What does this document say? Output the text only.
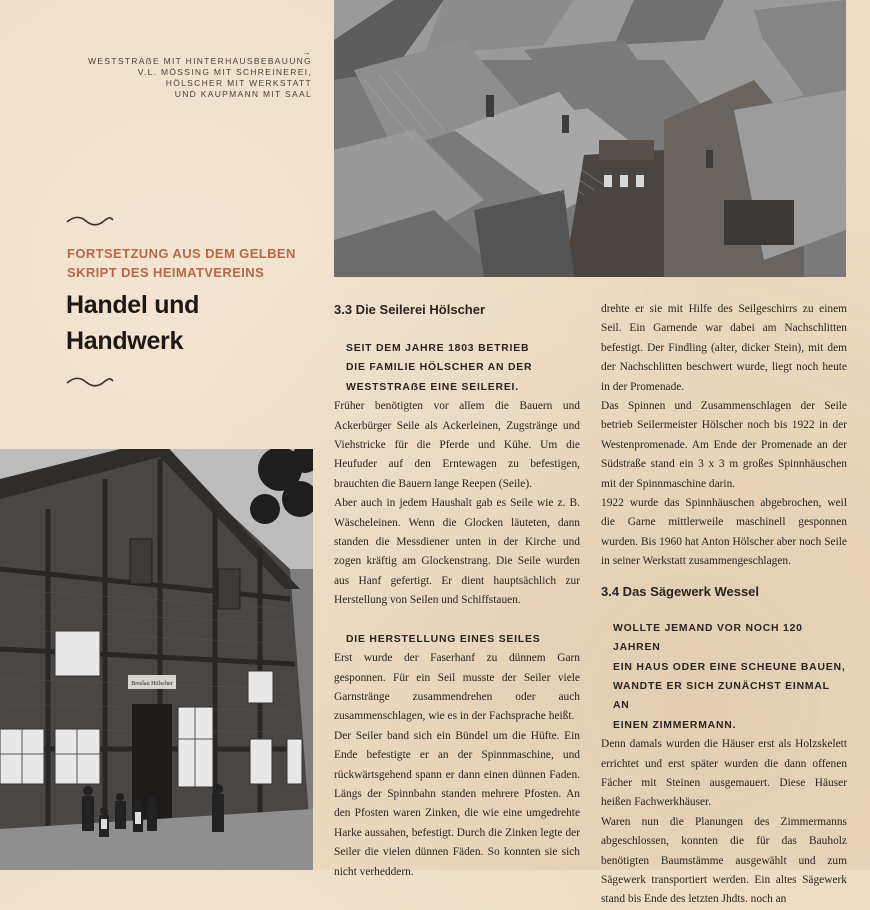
→
WESTSTRAẞE MIT HINTERHAUSBEBAUUNG
V.L. MÖSSING MIT SCHREINEREI,
HÖLSCHER MIT WERKSTATT
UND KAUPMANN MIT SAAL
FORTSETZUNG AUS DEM GELBEN
SKRIPT DES HEIMATVEREINS
Handel und
Handwerk
Breslau Hölscher
3.3 Die Seilerei Hölscher
SEIT DEM JAHRE 1803 BETRIEB
DIE FAMILIE HÖLSCHER AN DER
WESTSTRAẞE EINE SEILEREI.

Früher benötigten vor allem die Bauern und Ackerbürger Seile als Ackerleinen, Zugstränge und Viehstricke für die Pferde und Kühe. Um die Heufuder auf den Erntewagen zu befestigen, brauchten die Bauern lange Reepen (Seile).

Aber auch in jedem Haushalt gab es Seile wie z. B. Wäscheleinen. Wenn die Glocken läuteten, dann standen die Messdiener unten in der Kirche und zogen kräftig am Glockenstrang. Die Seile wurden aus Hanf gefertigt. Er dient hauptsächlich zur Herstellung von Seilen und Schiffstauen.

DIE HERSTELLUNG EINES SEILES

Erst wurde der Faserhanf zu dünnem Garn gesponnen. Für ein Seil musste der Seiler viele Garnstränge zusammendrehen oder auch zusammenschlagen, wie es in der Fachsprache heißt.

Der Seiler band sich ein Bündel um die Hüfte. Ein Ende befestigte er an der Spinnmaschine, und rückwärtsgehend spann er dann einen dünnen Faden. Längs der Spinnbahn standen mehrere Pfosten. An den Pfosten waren Zinken, die wie eine umgedrehte Harke aussahen, befestigt. Durch die Zinken legte der Seiler die vielen dünnen Fäden. So konnten sie sich nicht verheddern.

drehte er sie mit Hilfe des Seilgeschirrs zu einem Seil. Ein Garnende war dabei am Nachschlitten befestigt. Der Findling (alter, dicker Stein), mit dem der Nachschlitten beschwert wurde, liegt noch heute in der Promenade.

Das Spinnen und Zusammenschlagen der Seile betrieb Seilermeister Hölscher noch bis 1922 in der Westenpromenade. Am Ende der Promenade an der Südstraße stand ein 3 x 3 m großes Spinnhäuschen mit der Spinnmaschine darin.

1922 wurde das Spinnhäuschen abgebrochen, weil die Garne mittlerweile maschinell gesponnen wurden. Bis 1960 hat Anton Hölscher aber noch Seile in seiner Werkstatt zusammengeschlagen.

3.4 Das Sägewerk Wessel
WOLLTE JEMAND VOR NOCH 120 JAHREN
EIN HAUS ODER EINE SCHEUNE BAUEN,
WANDTE ER SICH ZUNÄCHST EINMAL AN
EINEN ZIMMERMANN.

Denn damals wurden die Häuser erst als Holzskelett errichtet und erst später wurden die dann offenen Fächer mit Steinen ausgemauert. Diese Häuser heißen Fachwerkhäuser.

Waren nun die Planungen des Zimmermanns abgeschlossen, konnten die für das Bauholz benötigten Baumstämme ausgewählt und zum Sägewerk transportiert werden. Ein altes Sägewerk stand bis Ende des letzten Jhdts. noch an
